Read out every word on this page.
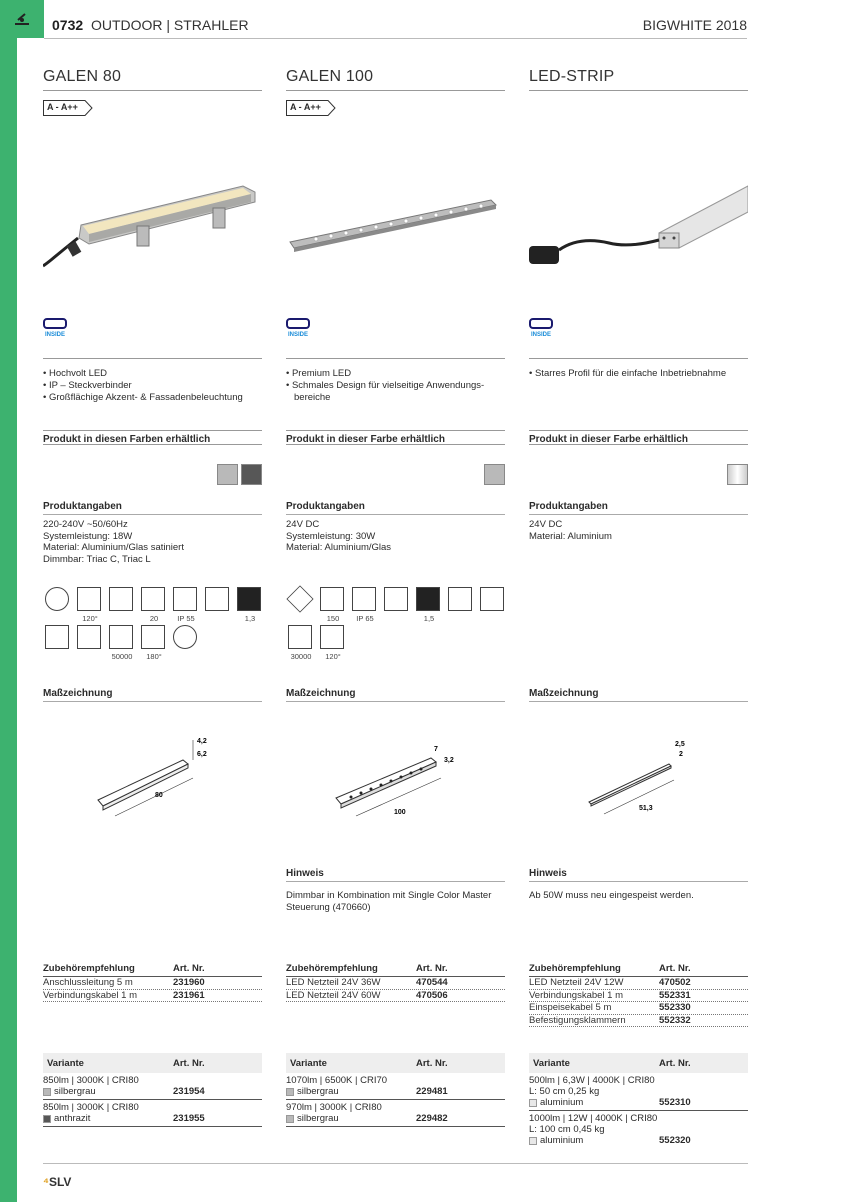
0732 OUTDOOR | STRAHLER	BIGWHITE 2018
GALEN 80
A - A++
INSIDE
• Hochvolt LED
• IP – Steckverbinder
• Großflächige Akzent- & Fassadenbeleuchtung
Produkt in diesen Farben erhältlich
Produktangaben
220-240V ~50/60Hz
Systemleistung: 18W
Material: Aluminium/Glas satiniert
Dimmbar: Triac C, Triac L
120°	20	IP 55	1,3
50000	180°
Maßzeichnung
4,2
6,2
80
Zubehörempfehlung	Art. Nr.
Anschlussleitung 5 m	231960
Verbindungskabel 1 m	231961
Variante	Art. Nr.
850lm | 3000K | CRI80
silbergrau	231954
850lm | 3000K | CRI80
anthrazit	231955
GALEN 100
A - A++
INSIDE
• Premium LED
• Schmales Design für vielseitige Anwendungs-
bereiche
Produkt in dieser Farbe erhältlich
Produktangaben
24V DC
Systemleistung: 30W
Material: Aluminium/Glas
150	IP 65	1,5
30000	120°
Maßzeichnung
7
3,2
100
Hinweis
Dimmbar in Kombination mit Single Color Master Steuerung (470660)
Zubehörempfehlung	Art. Nr.
LED Netzteil 24V 36W	470544
LED Netzteil 24V 60W	470506
Variante	Art. Nr.
1070lm | 6500K | CRI70
silbergrau	229481
970lm | 3000K | CRI80
silbergrau	229482
LED-STRIP
INSIDE
• Starres Profil für die einfache Inbetriebnahme
Produkt in dieser Farbe erhältlich
Produktangaben
24V DC
Material: Aluminium
Maßzeichnung
2,5
2
51,3
Hinweis
Ab 50W muss neu eingespeist werden.
Zubehörempfehlung	Art. Nr.
LED Netzteil 24V 12W	470502
Verbindungskabel 1 m	552331
Einspeisekabel 5 m	552330
Befestigungsklammern	552332
Variante	Art. Nr.
500lm | 6,3W | 4000K | CRI80
L: 50 cm 0,25 kg
aluminium	552310
1000lm | 12W | 4000K | CRI80
L: 100 cm 0,45 kg
aluminium	552320
⁴SLV
